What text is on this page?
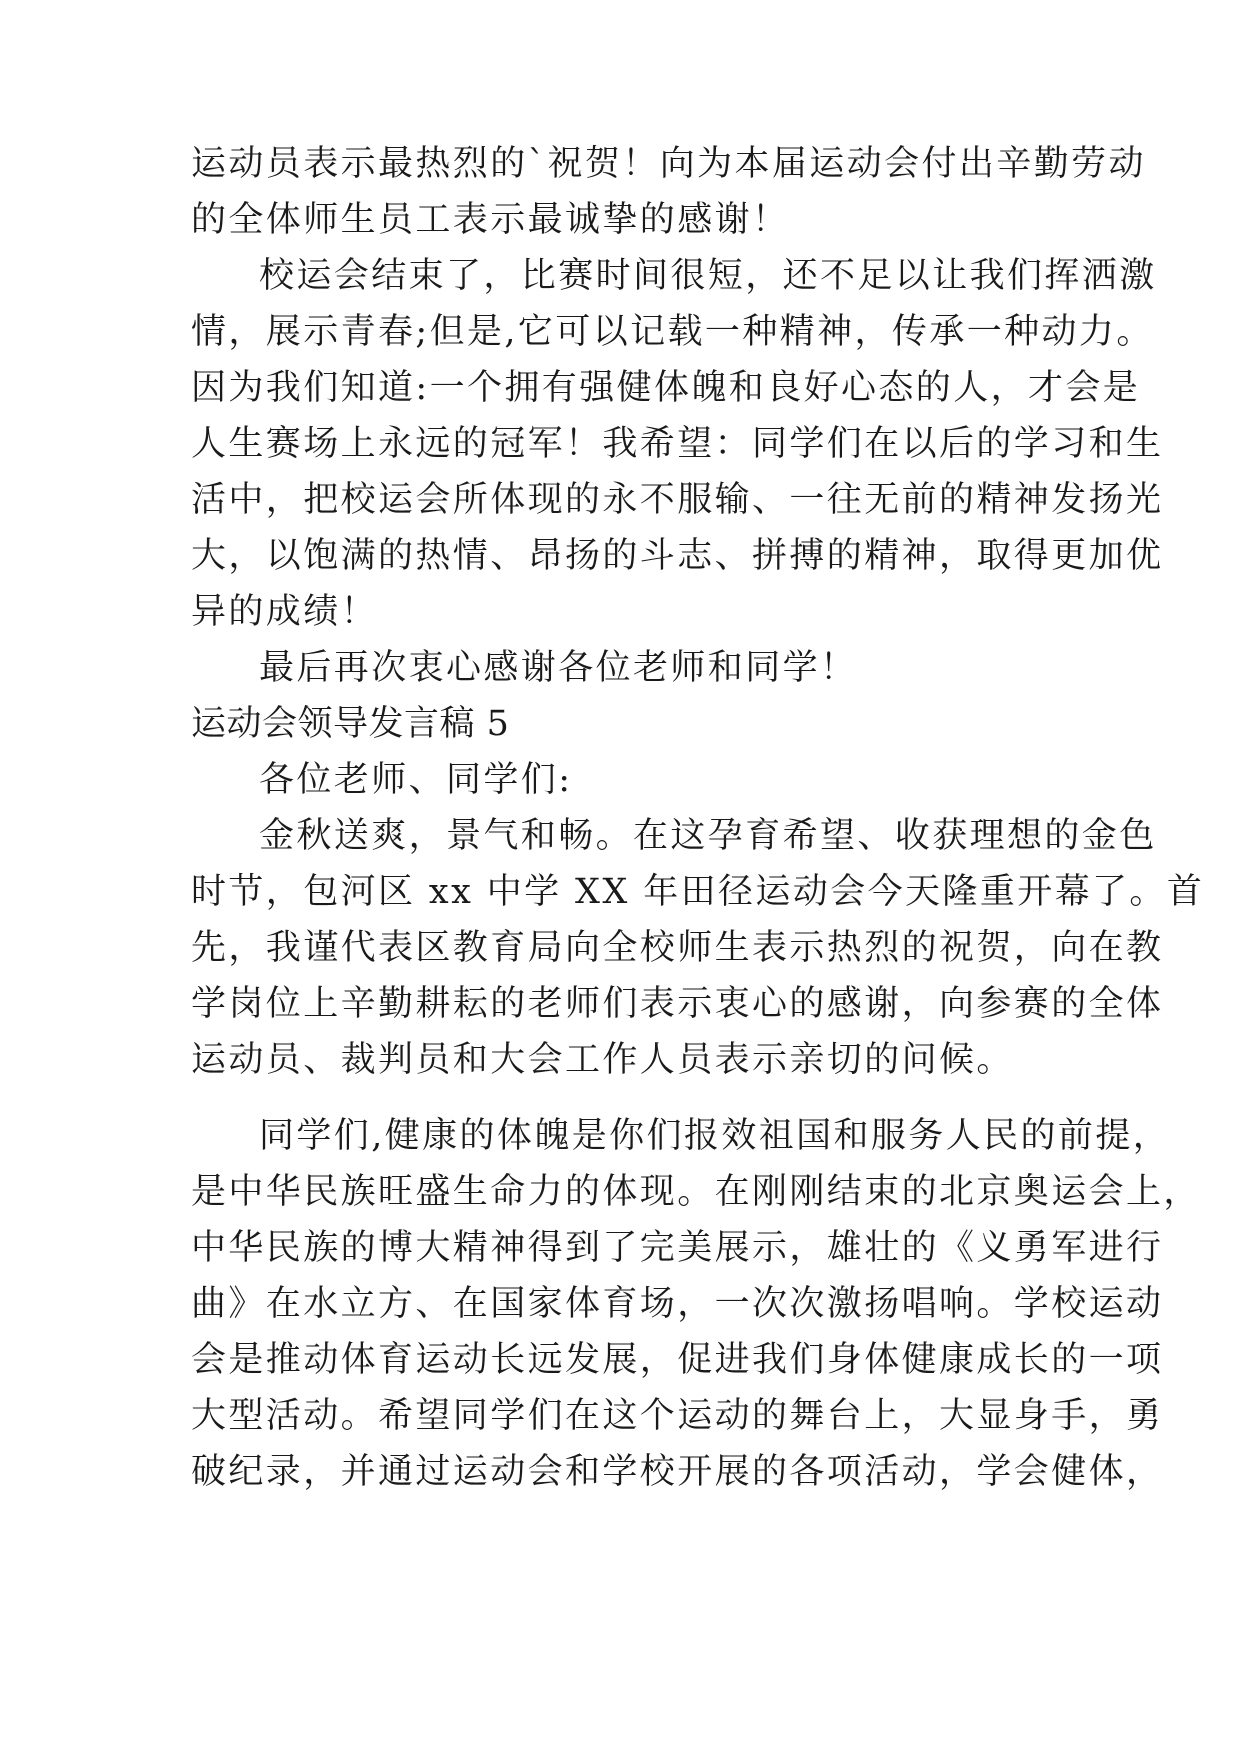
运动员表示最热烈的`祝贺！向为本届运动会付出辛勤劳动

的全体师生员工表示最诚挚的感谢！

校运会结束了，比赛时间很短，还不足以让我们挥洒激

情，展示青春;但是,它可以记载一种精神，传承一种动力。

因为我们知道:一个拥有强健体魄和良好心态的人，才会是

人生赛场上永远的冠军！我希望：同学们在以后的学习和生

活中，把校运会所体现的永不服输、一往无前的精神发扬光

大，以饱满的热情、昂扬的斗志、拼搏的精神，取得更加优

异的成绩！

最后再次衷心感谢各位老师和同学！

运动会领导发言稿 5

各位老师、同学们:

金秋送爽，景气和畅。在这孕育希望、收获理想的金色

时节，包河区 xx 中学 XX 年田径运动会今天隆重开幕了。首

先，我谨代表区教育局向全校师生表示热烈的祝贺，向在教

学岗位上辛勤耕耘的老师们表示衷心的感谢，向参赛的全体

运动员、裁判员和大会工作人员表示亲切的问候。

同学们,健康的体魄是你们报效祖国和服务人民的前提，

是中华民族旺盛生命力的体现。在刚刚结束的北京奥运会上，

中华民族的博大精神得到了完美展示，雄壮的《义勇军进行

曲》在水立方、在国家体育场，一次次激扬唱响。学校运动

会是推动体育运动长远发展，促进我们身体健康成长的一项

大型活动。希望同学们在这个运动的舞台上，大显身手，勇

破纪录，并通过运动会和学校开展的各项活动，学会健体，
